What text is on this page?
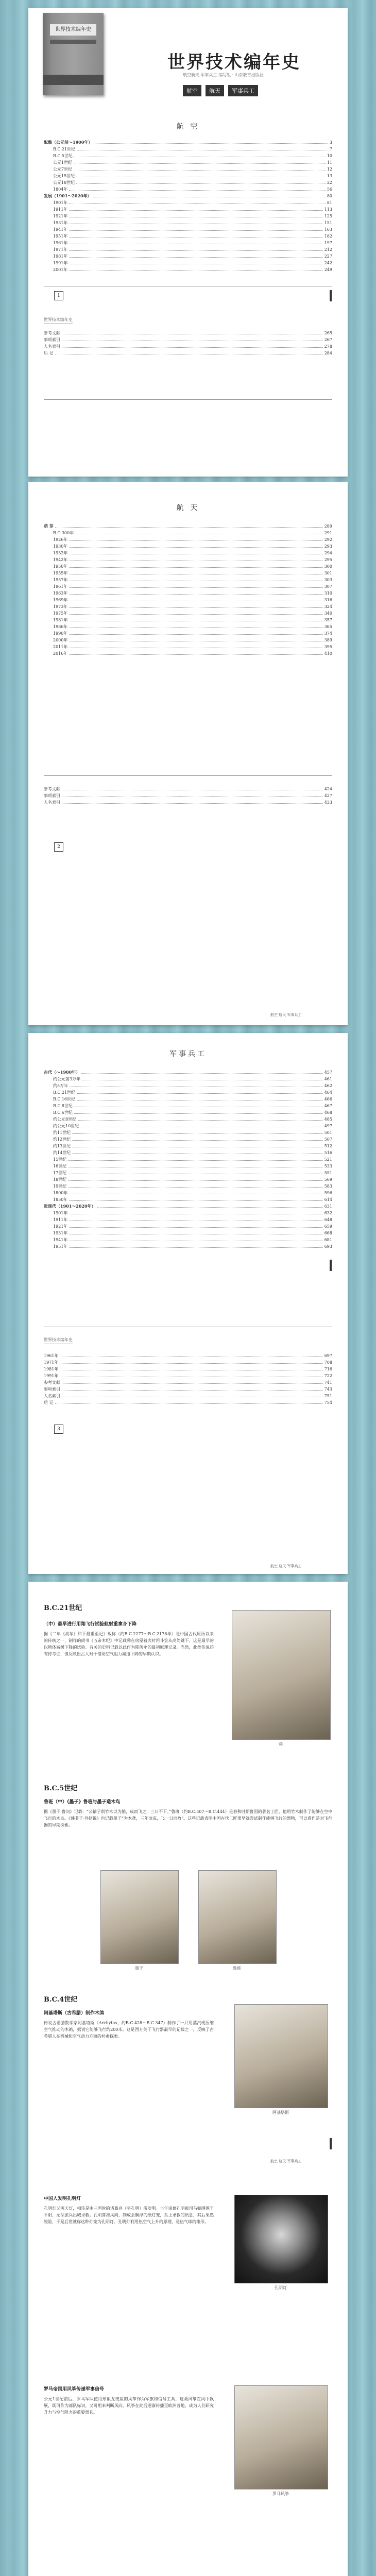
世界技术编年史
世界技术编年史
航空航天 军事兵工 编写组 · 山东教育出版社
航空	航天	军事兵工
航 空
酝酿（公元前～1900年）	3
B.C.21世纪	7
B.C.5世纪	10
公元1世纪	11
公元7世纪	12
公元15世纪	13
公元18世纪	22
1804年	56
发展（1901～2020年）	80
1901年	81
1911年	113
1921年	125
1931年	151
1941年	163
1951年	182
1961年	197
1971年	212
1981年	227
1991年	242
2001年	249
1
世界技术编年史
参考文献	265
事项索引	267
人名索引	278
后 记	284
航 天
萌 芽	289
B.C.300年	291
1926年	292
1930年	293
1932年	294
1942年	295
1950年	300
1955年	301
1957年	303
1961年	307
1963年	310
1969年	316
1973年	324
1975年	340
1981年	357
1986年	365
1990年	374
2000年	389
2011年	395
2016年	410
参考文献	424
事项索引	427
人名索引	433
2
航空 航天 军事兵工
军事兵工
古代（～1900年）	457
约公元前3万年	461
约5万年	462
B.C.21世纪	464
B.C.16世纪	466
B.C.8世纪	467
B.C.6世纪	468
约公元8世纪	485
约公元10世纪	497
约11世纪	501
约12世纪	507
约13世纪	512
约14世纪	516
15世纪	521
16世纪	533
17世纪	551
18世纪	569
19世纪	583
1800年	596
1850年	614
近现代（1901～2020年）	631
1901年	632
1911年	648
1921年	659
1931年	668
1941年	681
1951年	693
世界技术编年史
1961年	697
1971年	708
1981年	716
1991年	722
参考文献	741
事项索引	743
人名索引	751
后 记	754
3
航空 航天 军事兵工
B.C.21世纪
（中）最早进行用翔飞行试验航射重拿身下降
据《二年《战车》和下最重至记》载称（约B.C.2277～B.C.2178年）是中国古代原历以来的传统之一，制作的尚书《五帝本纪》中记载舜在房屋着火时用斗笠从高处跳下，这是最早的以物体减缓下降的试验。有关的史料记载以此作为降落伞的最初原理记录。当然，此类传说还有待考证，但反映出古人对于借助空气阻力减速下降的早期认识。
舜
B.C.5世纪
鲁班（中）《墨子》鲁班与墨子造木鸟
据《墨子·鲁问》记载：“公输子削竹木以为鹊，成而飞之，三日不下。”鲁班（约B.C.507～B.C.444）是春秋时期鲁国的著名工匠，他用竹木制作了能够在空中飞行的木鸟。《韩非子·外储说》也记载墨子“为木鸢，三年而成，飞一日而败”。这些记载表明中国古代工匠很早就尝试制作能够飞行的器物，可以看作是对飞行器的早期探索。
墨子	鲁班
B.C.4世纪
阿基塔斯（古希腊）制作木鸽
传说古希腊数学家阿基塔斯（Archytas，约B.C.428～B.C.347）制作了一只用蒸汽或压缩空气推动的木鸽，据说它能够飞行约200米。这是西方关于飞行器最早的记载之一，反映了古希腊人在机械和空气动力方面的朴素探索。
阿基塔斯
航空 航天 军事兵工
中国人发明孔明灯
孔明灯又叫天灯，相传是由三国时的诸葛亮（字孔明）所发明。当年诸葛孔明被司马懿围困于平阳，无法派兵出城求救。孔明算准风向，制成会飘浮的纸灯笼，系上求救的讯息，其后果然脱险，于是后世就称这种灯笼为孔明灯。孔明灯利用热空气上升的原理，是热气球的雏形。
孔明灯
罗马帝国用风筝传递军事信号
公元1世纪前后，罗马军队使用形似龙或鱼的风筝作为军旗和信号工具，这类风筝在风中飘展，既可作为部队标识，又可用来判断风向。风筝在此后逐渐传播至欧洲各地，成为人们研究升力与空气阻力的重要器具。
罗马风筝
